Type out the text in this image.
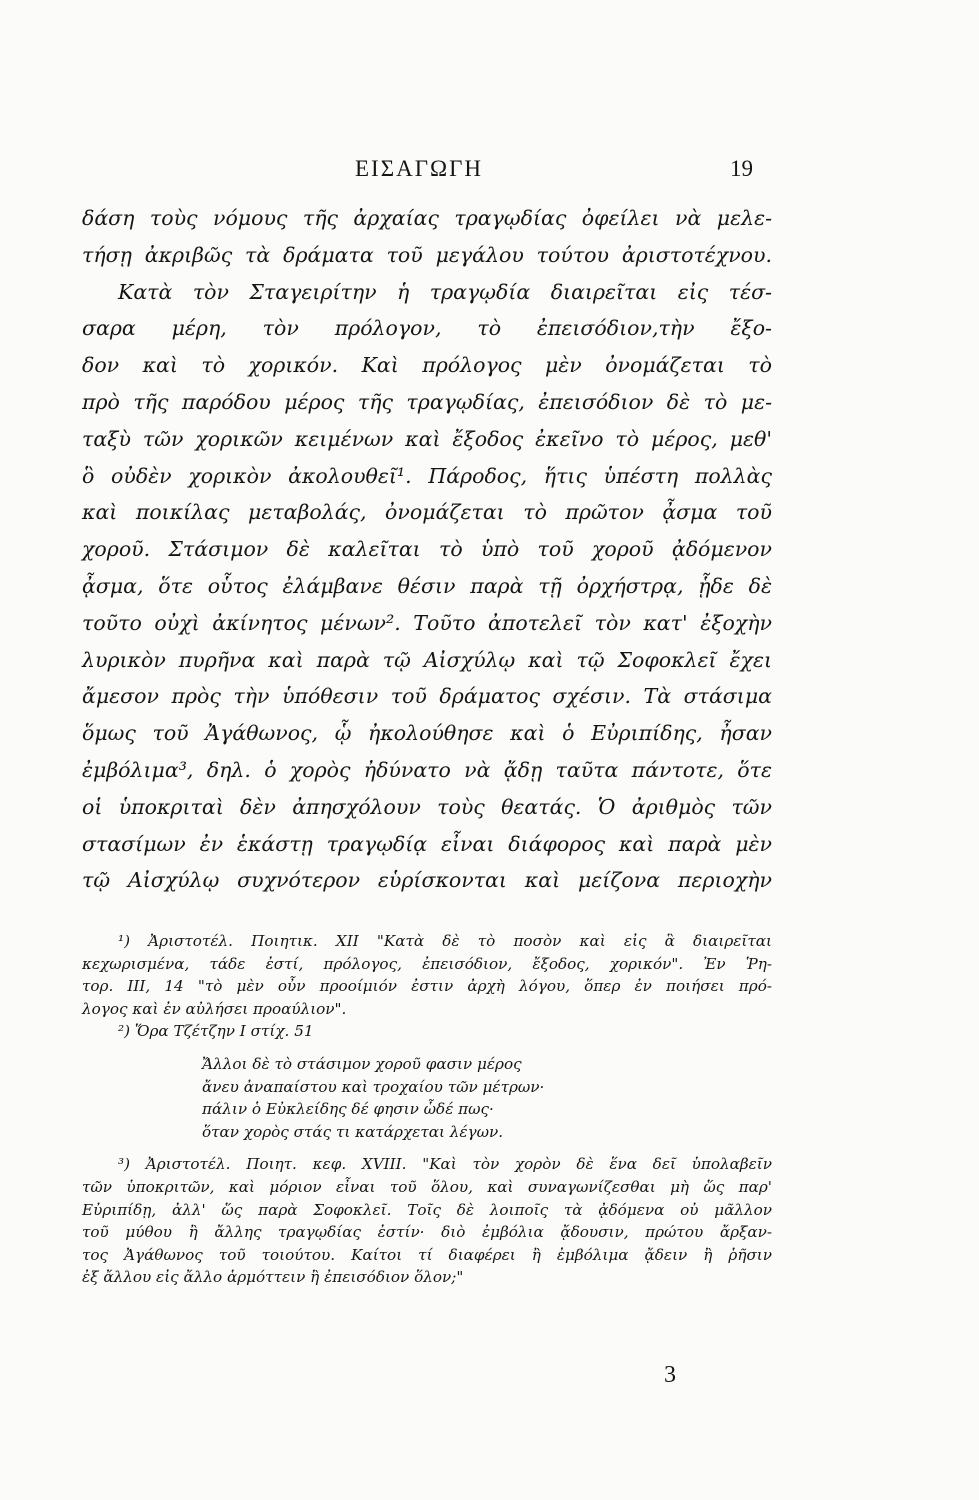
ΕΙΣΑΓΩΓΗ	19
δάση τοὺς νόμους τῆς ἀρχαίας τραγῳδίας ὀφείλει νὰ μελε-
τήσῃ ἀκριβῶς τὰ δράματα τοῦ μεγάλου τούτου ἀριστοτέχνου.
Κατὰ τὸν Σταγειρίτην ἡ τραγῳδία διαιρεῖται εἰς τέσ-
σαρα μέρη, τὸν πρόλογον, τὸ ἐπεισόδιον,τὴν ἔξο-
δον καὶ τὸ χορικόν. Καὶ πρόλογος μὲν ὀνομάζεται τὸ
πρὸ τῆς παρόδου μέρος τῆς τραγῳδίας, ἐπεισόδιον δὲ τὸ με-
ταξὺ τῶν χορικῶν κειμένων καὶ ἔξοδος ἐκεῖνο τὸ μέρος, μεθ'
ὃ οὐδὲν χορικὸν ἀκολουθεῖ¹. Πάροδος, ἥτις ὑπέστη πολλὰς
καὶ ποικίλας μεταβολάς, ὀνομάζεται τὸ πρῶτον ᾆσμα τοῦ
χοροῦ. Στάσιμον δὲ καλεῖται τὸ ὑπὸ τοῦ χοροῦ ᾀδόμενον
ᾆσμα, ὅτε οὗτος ἐλάμβανε θέσιν παρὰ τῇ ὀρχήστρᾳ, ᾗδε δὲ
τοῦτο οὐχὶ ἀκίνητος μένων². Τοῦτο ἀποτελεῖ τὸν κατ' ἐξοχὴν
λυρικὸν πυρῆνα καὶ παρὰ τῷ Αἰσχύλῳ καὶ τῷ Σοφοκλεῖ ἔχει
ἄμεσον πρὸς τὴν ὑπόθεσιν τοῦ δράματος σχέσιν. Τὰ στάσιμα
ὅμως τοῦ Ἀγάθωνος, ᾧ ἠκολούθησε καὶ ὁ Εὐριπίδης, ἦσαν
ἐμβόλιμα³, δηλ. ὁ χορὸς ἠδύνατο νὰ ᾄδῃ ταῦτα πάντοτε, ὅτε
οἱ ὑποκριταὶ δὲν ἀπησχόλουν τοὺς θεατάς. Ὁ ἀριθμὸς τῶν
στασίμων ἐν ἑκάστῃ τραγῳδίᾳ εἶναι διάφορος καὶ παρὰ μὲν
τῷ Αἰσχύλῳ συχνότερον εὑρίσκονται καὶ μείζονα περιοχὴν
¹) Ἀριστοτέλ. Ποιητικ. XII "Κατὰ δὲ τὸ ποσὸν καὶ εἰς ἃ διαιρεῖται
κεχωρισμένα, τάδε ἐστί, πρόλογος, ἐπεισόδιον, ἔξοδος, χορικόν". Ἐν Ῥη-
τορ. III, 14 "τὸ μὲν οὖν προοίμιόν ἐστιν ἀρχὴ λόγου, ὅπερ ἐν ποιήσει πρό-
λογος καὶ ἐν αὐλήσει προαύλιον".
²) Ὅρα Τζέτζην Ι στίχ. 51
Ἄλλοι δὲ τὸ στάσιμον χοροῦ φασιν μέρος
ἄνευ ἀναπαίστου καὶ τροχαίου τῶν μέτρων·
πάλιν ὁ Εὐκλείδης δέ φησιν ὧδέ πως·
ὅταν χορὸς στάς τι κατάρχεται λέγων.
³) Ἀριστοτέλ. Ποιητ. κεφ. XVIII. "Καὶ τὸν χορὸν δὲ ἕνα δεῖ ὑπολαβεῖν
τῶν ὑποκριτῶν, καὶ μόριον εἶναι τοῦ ὅλου, καὶ συναγωνίζεσθαι μὴ ὥς παρ'
Εὐριπίδῃ, ἀλλ' ὥς παρὰ Σοφοκλεῖ. Τοῖς δὲ λοιποῖς τὰ ᾀδόμενα οὐ μᾶλλον
τοῦ μύθου ἢ ἄλλης τραγῳδίας ἐστίν· διὸ ἐμβόλια ᾄδουσιν, πρώτου ἄρξαν-
τος Ἀγάθωνος τοῦ τοιούτου. Καίτοι τί διαφέρει ἢ ἐμβόλιμα ᾄδειν ἢ ῥῆσιν
ἐξ ἄλλου εἰς ἄλλο ἁρμόττειν ἢ ἐπεισόδιον ὅλον;"
3
